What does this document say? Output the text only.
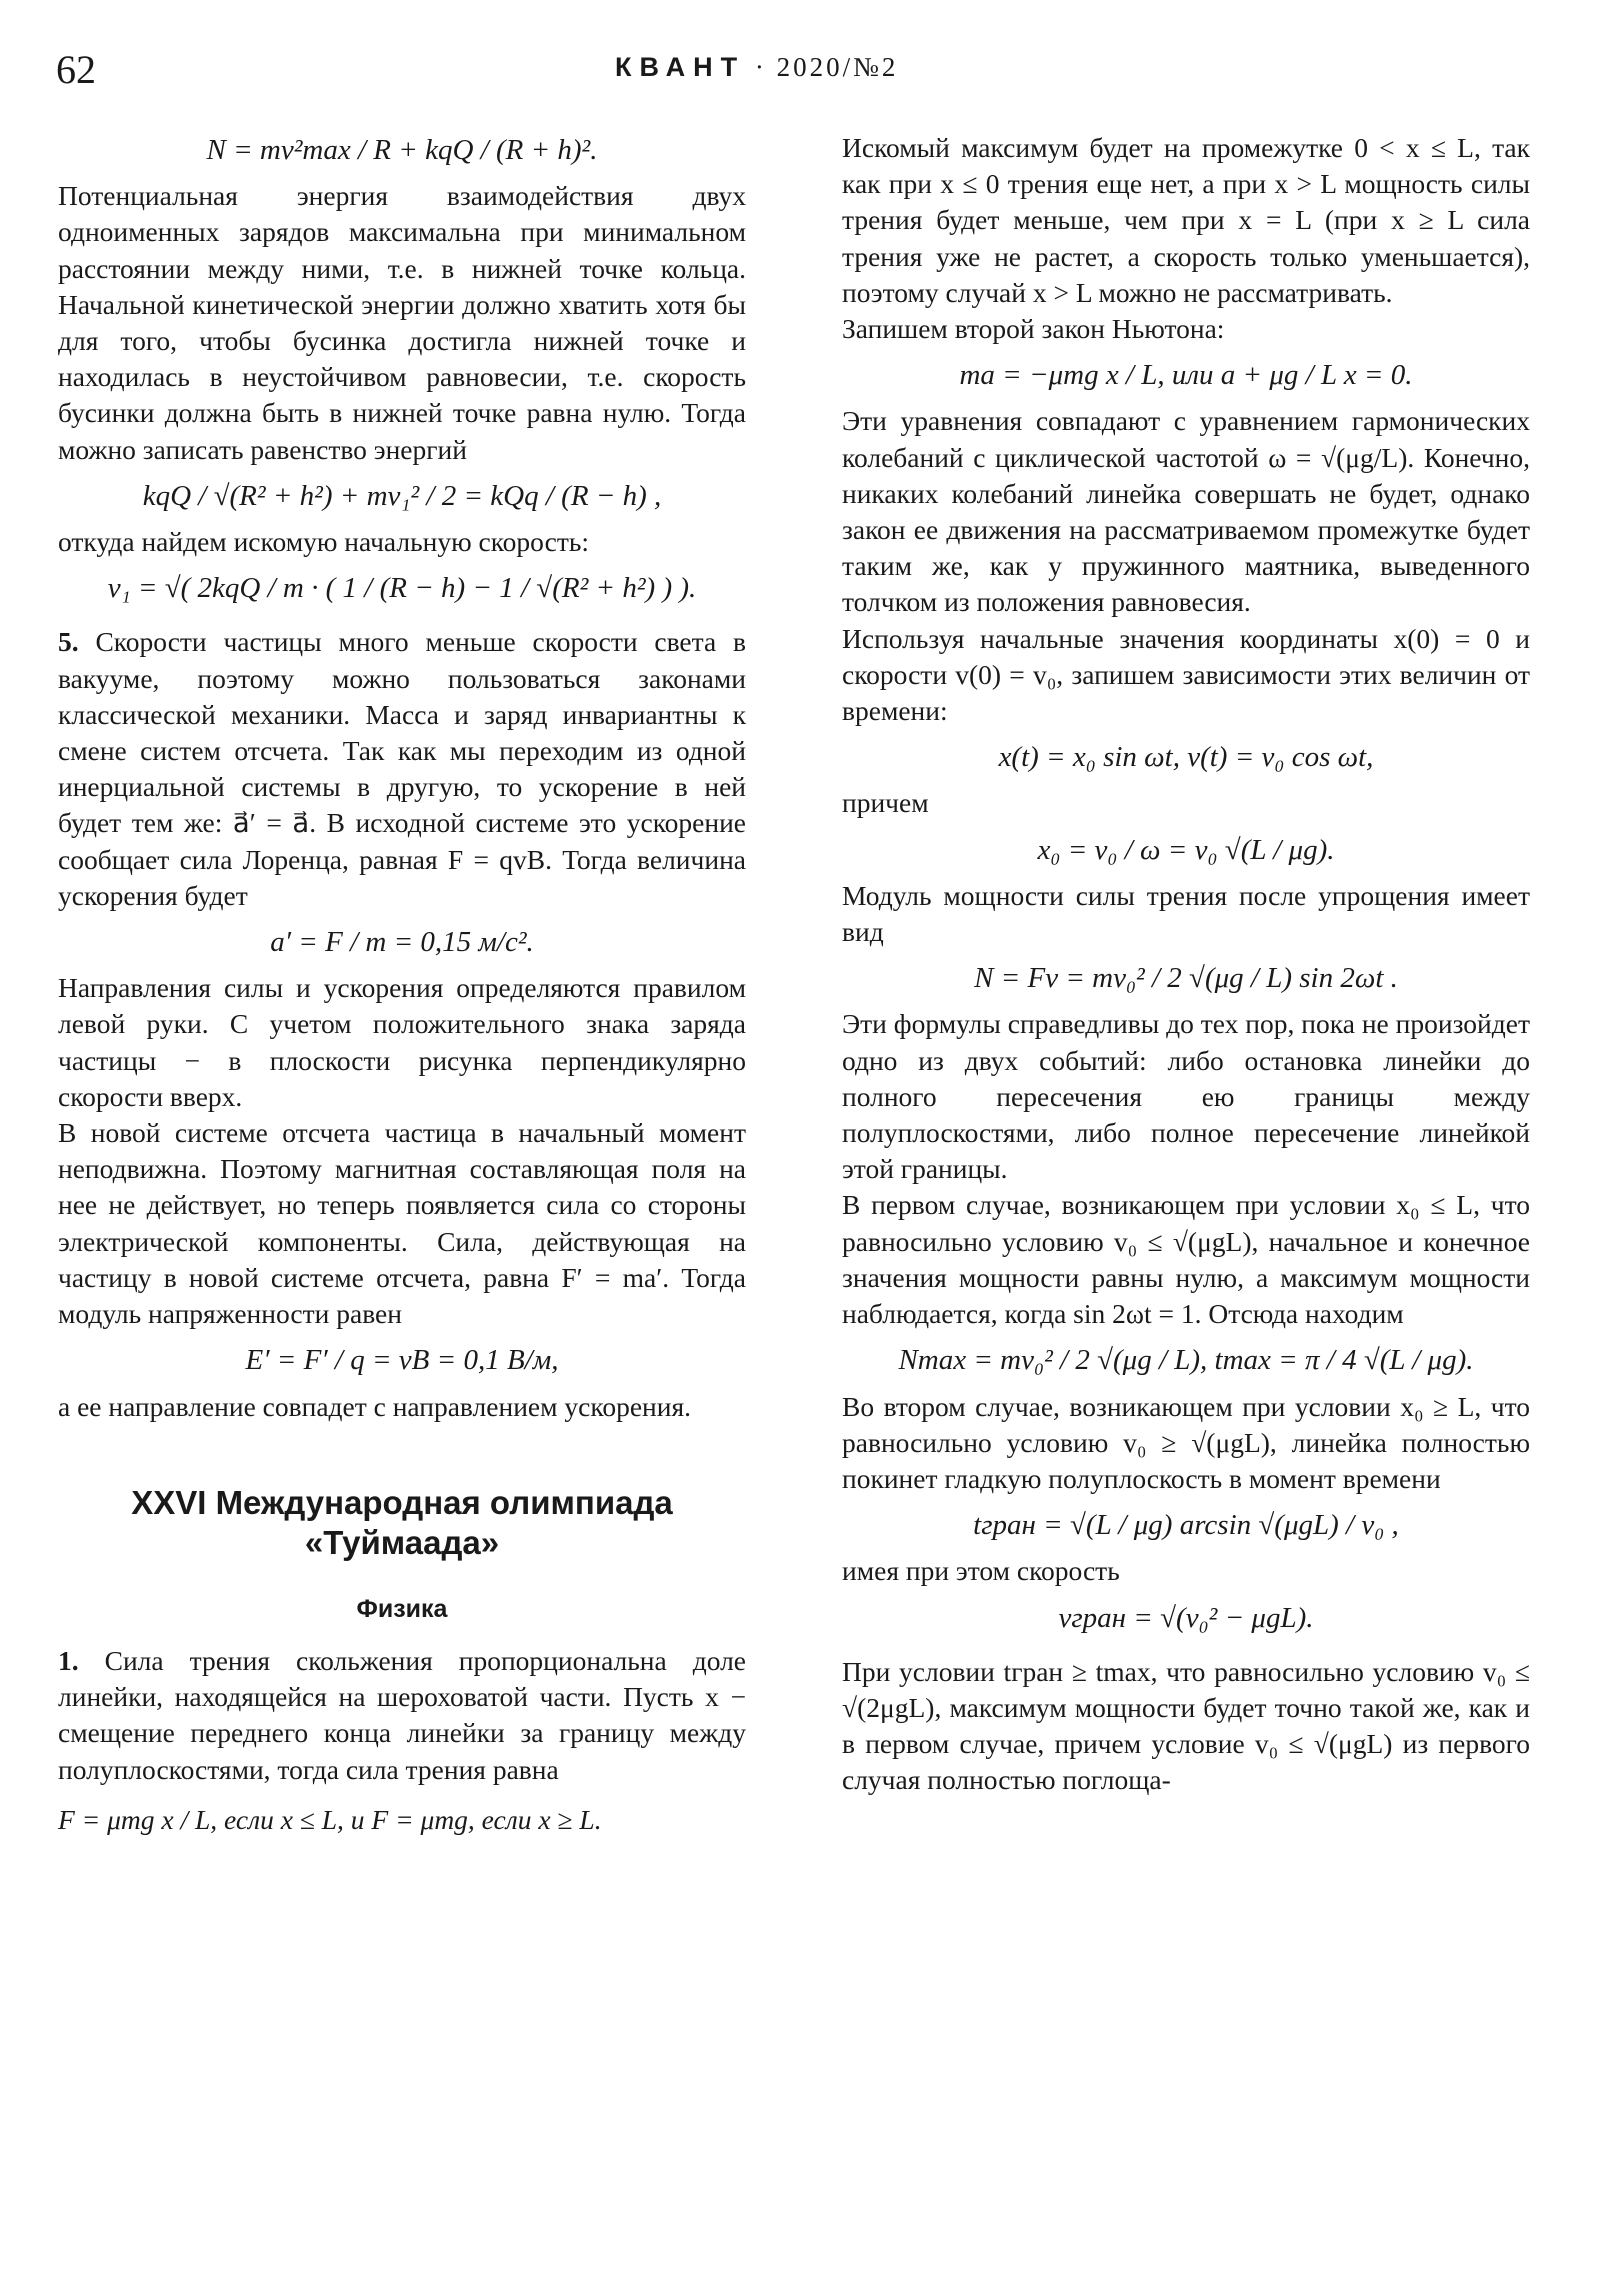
62	КВАНТ · 2020/№2
N = mv²max / R + kqQ / (R + h)².

Потенциальная энергия взаимодействия двух одноименных зарядов максимальна при минимальном расстоянии между ними, т.е. в нижней точке кольца. Начальной кинетической энергии должно хватить хотя бы для того, чтобы бусинка достигла нижней точке и находилась в неустойчивом равновесии, т.е. скорость бусинки должна быть в нижней точке равна нулю. Тогда можно записать равенство энергий

kqQ / √(R² + h²) + mv₁² / 2 = kQq / (R − h) ,

откуда найдем искомую начальную скорость:

v₁ = √( 2kqQ / m · ( 1 / (R − h) − 1 / √(R² + h²) ) ).

5. Скорости частицы много меньше скорости света в вакууме, поэтому можно пользоваться законами классической механики. Масса и заряд инвариантны к смене систем отсчета. Так как мы переходим из одной инерциальной системы в другую, то ускорение в ней будет тем же: a⃗′ = a⃗. В исходной системе это ускорение сообщает сила Лоренца, равная F = qvB. Тогда величина ускорения будет

a′ = F / m = 0,15 м/с².

Направления силы и ускорения определяются правилом левой руки. С учетом положительного знака заряда частицы − в плоскости рисунка перпендикулярно скорости вверх.

В новой системе отсчета частица в начальный момент неподвижна. Поэтому магнитная составляющая поля на нее не действует, но теперь появляется сила со стороны электрической компоненты. Сила, действующая на частицу в новой системе отсчета, равна F′ = ma′. Тогда модуль напряженности равен

E′ = F′ / q = vB = 0,1 В/м,

а ее направление совпадет с направлением ускорения.

XXVI Международная олимпиада
«Туймаада»
Физика

1. Сила трения скольжения пропорциональна доле линейки, находящейся на шероховатой части. Пусть x − смещение переднего конца линейки за границу между полуплоскостями, тогда сила трения равна

F = μmg x / L, если x ≤ L, и F = μmg, если x ≥ L.

Искомый максимум будет на промежутке 0 < x ≤ L, так как при x ≤ 0 трения еще нет, а при x > L мощность силы трения будет меньше, чем при x = L (при x ≥ L сила трения уже не растет, а скорость только уменьшается), поэтому случай x > L можно не рассматривать.

Запишем второй закон Ньютона:

ma = −μmg x / L, или a + μg / L x = 0.

Эти уравнения совпадают с уравнением гармонических колебаний с циклической частотой ω = √(μg/L). Конечно, никаких колебаний линейка совершать не будет, однако закон ее движения на рассматриваемом промежутке будет таким же, как у пружинного маятника, выведенного толчком из положения равновесия.

Используя начальные значения координаты x(0) = 0 и скорости v(0) = v₀, запишем зависимости этих величин от времени:

x(t) = x₀ sin ωt, v(t) = v₀ cos ωt,

причем

x₀ = v₀ / ω = v₀ √(L / μg).

Модуль мощности силы трения после упрощения имеет вид

N = Fv = mv₀² / 2 √(μg / L) sin 2ωt .

Эти формулы справедливы до тех пор, пока не произойдет одно из двух событий: либо остановка линейки до полного пересечения ею границы между полуплоскостями, либо полное пересечение линейкой этой границы.

В первом случае, возникающем при условии x₀ ≤ L, что равносильно условию v₀ ≤ √(μgL), начальное и конечное значения мощности равны нулю, а максимум мощности наблюдается, когда sin 2ωt = 1. Отсюда находим

Nmax = mv₀² / 2 √(μg / L), tmax = π / 4 √(L / μg).

Во втором случае, возникающем при условии x₀ ≥ L, что равносильно условию v₀ ≥ √(μgL), линейка полностью покинет гладкую полуплоскость в момент времени

tгран = √(L / μg) arcsin √(μgL) / v₀ ,

имея при этом скорость

vгран = √(v₀² − μgL).

При условии tгран ≥ tmax, что равносильно условию v₀ ≤ √(2μgL), максимум мощности будет точно такой же, как и в первом случае, причем условие v₀ ≤ √(μgL) из первого случая полностью поглоща-
